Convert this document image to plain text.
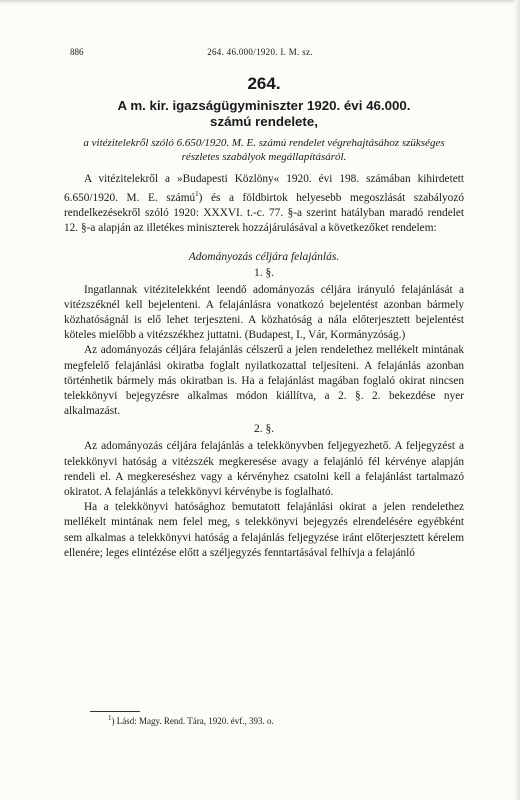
886	264. 46.000/1920. I. M. sz.
264.
A m. kir. igazságügyminiszter 1920. évi 46.000.
számú rendelete,

a vitézitelekről szóló 6.650/1920. M. E. számú rendelet végrehajtásához szükséges részletes szabályok megállapításáról.

A vitézitelekről a »Budapesti Közlöny« 1920. évi 198. számában kihirdetett 6.650/1920. M. E. számú$^1$) és a földbirtok helyesebb megoszlását szabályozó rendelkezésekről szóló 1920: XXXVI. t.-c. 77. §-a szerint hatályban maradó rendelet 12. §-a alapján az illetékes miniszterek hozzájárulásával a következőket rendelem:

Adományozás céljára felajánlás.
1. §.

Ingatlannak vitézitelekként leendő adományozás céljára irányuló felajánlását a vitézszéknél kell bejelenteni. A felajánlásra vonatkozó bejelentést azonban bármely közhatóságnál is elő lehet terjeszteni. A közhatóság a nála előterjesztett bejelentést köteles mielőbb a vitézszékhez juttatni. (Budapest, I., Vár, Kormányzóság.)

Az adományozás céljára felajánlás célszerű a jelen rendelethez mellékelt mintának megfelelő felajánlási okiratba foglalt nyilatkozattal teljesíteni. A felajánlás azonban történhetik bármely más okiratban is. Ha a felajánlást magában foglaló okirat nincsen telekkönyvi bejegyzésre alkalmas módon kiállítva, a 2. §. 2. bekezdése nyer alkalmazást.

2. §.

Az adományozás céljára felajánlás a telekkönyvben feljegyezhető. A feljegyzést a telekkönyvi hatóság a vitézszék megkeresése avagy a felajánló fél kérvénye alapján rendeli el. A megkereséshez vagy a kérvényhez csatolni kell a felajánlást tartalmazó okiratot. A felajánlás a telekkönyvi kérvénybe is foglalható.

Ha a telekkönyvi hatósághoz bemutatott felajánlási okirat a jelen rendelethez mellékelt mintának nem felel meg, s telekkönyvi bejegyzés elrendelésére egyébként sem alkalmas a telekkönyvi hatóság a felajánlás feljegyzése iránt előterjesztett kérelem ellenére; leges elintézése előtt a széljegyzés fenntartásával felhívja a felajánló

$^1$) Lásd: Magy. Rend. Tára, 1920. évf., 393. o.
